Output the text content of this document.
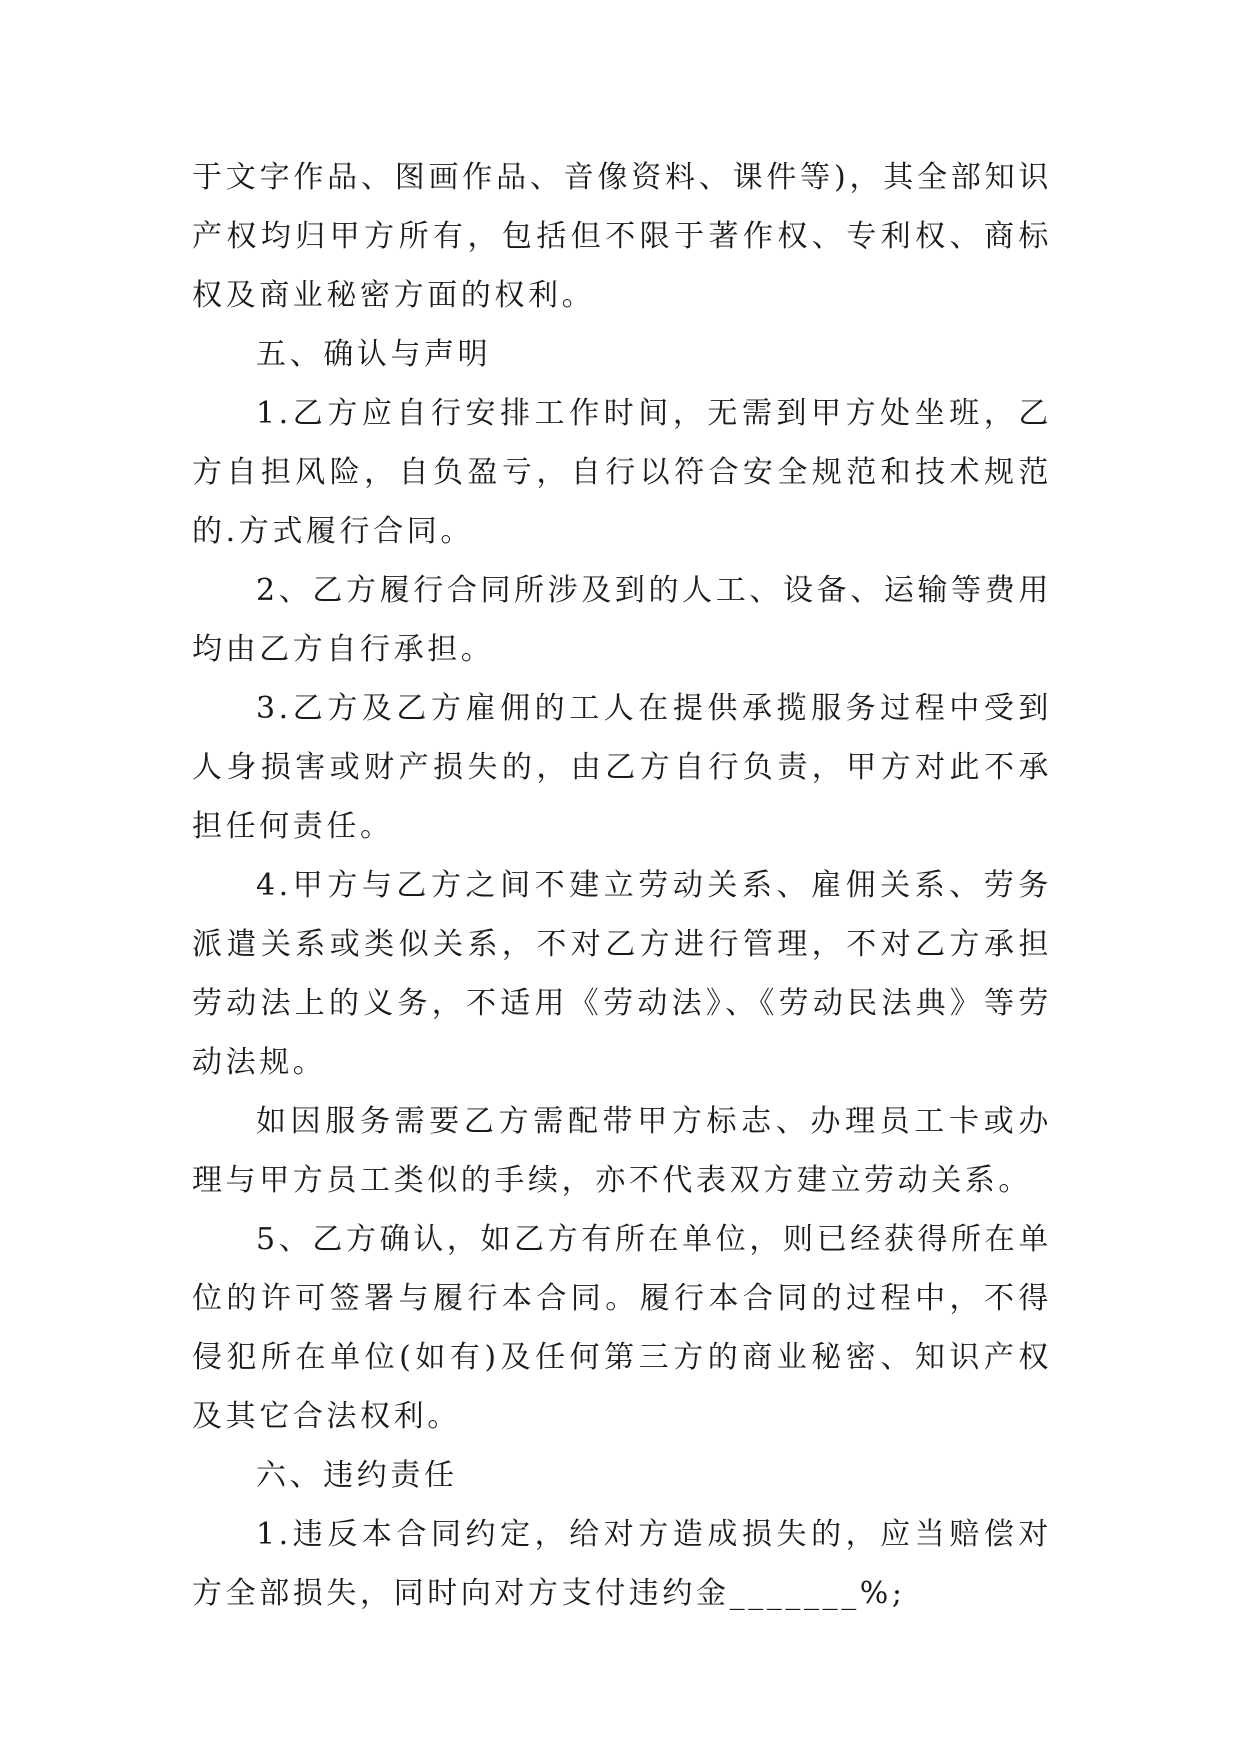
于文字作品、图画作品、音像资料、课件等)，其全部知识产权均归甲方所有，包括但不限于著作权、专利权、商标权及商业秘密方面的权利。

五、确认与声明

1.乙方应自行安排工作时间，无需到甲方处坐班，乙方自担风险，自负盈亏，自行以符合安全规范和技术规范的.方式履行合同。

2、乙方履行合同所涉及到的人工、设备、运输等费用均由乙方自行承担。

3.乙方及乙方雇佣的工人在提供承揽服务过程中受到人身损害或财产损失的，由乙方自行负责，甲方对此不承担任何责任。

4.甲方与乙方之间不建立劳动关系、雇佣关系、劳务派遣关系或类似关系，不对乙方进行管理，不对乙方承担劳动法上的义务，不适用《劳动法》、《劳动民法典》等劳动法规。

如因服务需要乙方需配带甲方标志、办理员工卡或办理与甲方员工类似的手续，亦不代表双方建立劳动关系。

5、乙方确认，如乙方有所在单位，则已经获得所在单位的许可签署与履行本合同。履行本合同的过程中，不得侵犯所在单位(如有)及任何第三方的商业秘密、知识产权及其它合法权利。

六、违约责任

1.违反本合同约定，给对方造成损失的，应当赔偿对方全部损失，同时向对方支付违约金_______%;
